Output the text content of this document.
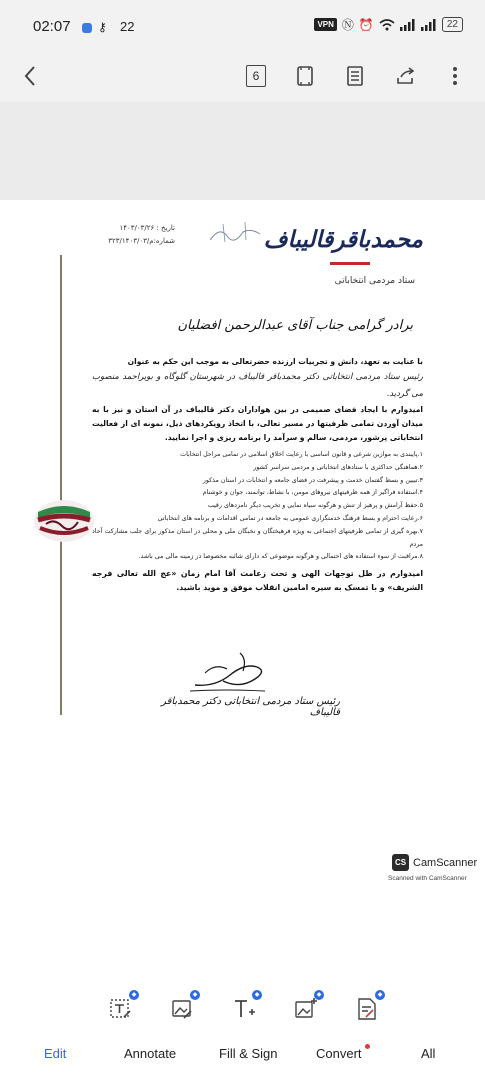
02:07 ⚷ 22	VPN Ⓝ ⏰	22
6
محمدباقرقالیباف
ستاد مردمی انتخاباتی
تاریخ : ۱۴۰۳/۰۳/۲۶
شماره:م/۳۲۳/۱۴۰۳/۰۳
برادر گرامی جناب آقای عبدالرحمن افضلیان
با عنایت به تعهد، دانش و تجربیات ارزنده حضرتعالی به موجب این حکم به عنوان
رئیس ستاد مردمی انتخاباتی دکتر محمدباقر قالیباف در شهرستان گلوگاه و بویراحمد منصوب می گردید.
امیدوارم با ایجاد فضای صمیمی در بین هواداران دکتر قالیباف در آن استان و نیز با به میدان آوردن تمامی ظرفیتها در مسیر تعالی، با اتخاذ رویکردهای ذیل، نمونه ای از فعالیت انتخاباتی پرشور، مردمی، سالم و سرآمد را برنامه ریزی و اجرا نمایید.
۱.پایبندی به موازین شرعی و قانون اساسی با رعایت اخلاق اسلامی در تمامی مراحل انتخابات
۲.هماهنگی حداکثری با ستادهای انتخاباتی و مردمی سراسر کشور
۳.تبیین و بسط گفتمان خدمت و پیشرفت در فضای جامعه و انتخابات در استان مذکور
۴.استفاده فراگیر از همه ظرفیتهای نیروهای مومن، با نشاط، توانمند، جوان و خوشنام
۵.حفظ آرامش و پرهیز از تنش و هرگونه سیاه نمایی و تخریب دیگر نامزدهای رقیب
۶.رعایت احترام و بسط فرهنگ خدمتگزاری عمومی به جامعه در تمامی اقدامات و برنامه های انتخاباتی
۷.بهره گیری از تمامی ظرفیتهای اجتماعی به ویژه فرهیختگان و نخبگان ملی و محلی در استان مذکور برای جلب مشارکت آحاد مردم
۸.مراقبت از سوء استفاده های احتمالی و هرگونه موضوعی که دارای شائبه مخصوصا در زمینه مالی می باشد.
امیدوارم در ظل توجهات الهی و تحت زعامت آقا امام زمان «عج الله تعالی فرجه الشریف» و با تمسک به سیره امامین انقلاب موفق و موید باشید.
رئیس ستاد مردمی انتخاباتی دکتر محمدباقر قالیباف
CS CamScanner
Scanned with CamScanner
◆	◆	◆	◆	◆
Edit	Annotate	Fill & Sign	Convert	All
